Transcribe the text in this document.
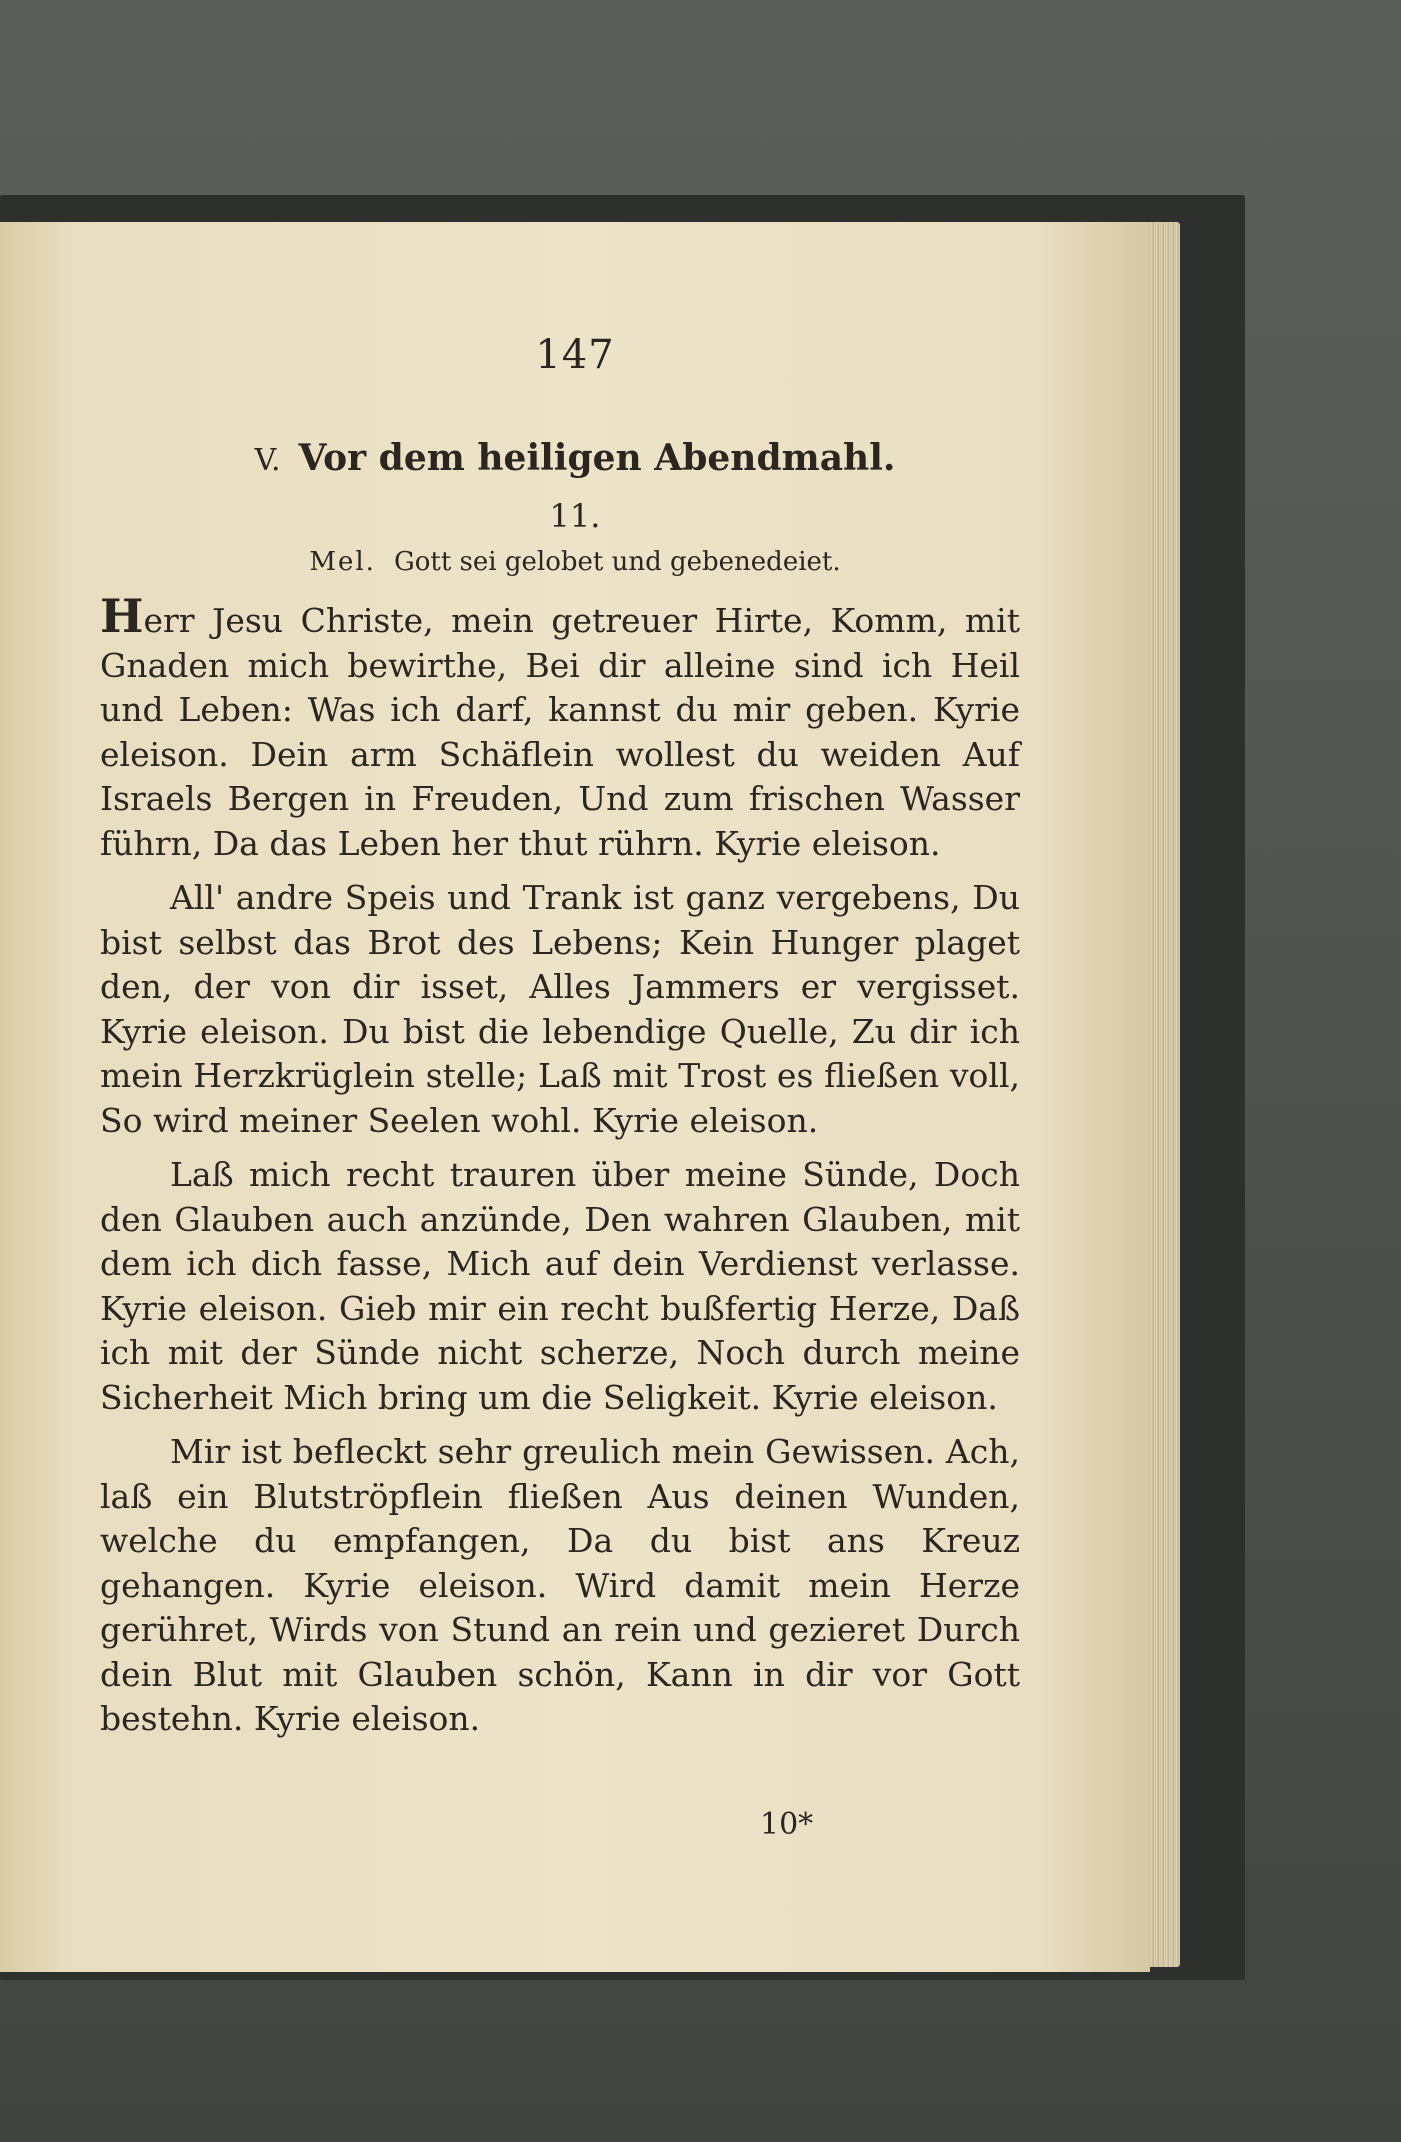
147
V. Vor dem heiligen Abendmahl.
11.
Mel. Gott sei gelobet und gebenedeiet.

Herr Jesu Christe, mein getreuer Hirte, Komm, mit Gnaden mich bewirthe, Bei dir alleine sind ich Heil und Leben: Was ich darf, kannst du mir geben. Kyrie eleison. Dein arm Schäflein wollest du weiden Auf Israels Bergen in Freuden, Und zum frischen Wasser führn, Da das Leben her thut rührn. Kyrie eleison.

All' andre Speis und Trank ist ganz vergebens, Du bist selbst das Brot des Lebens; Kein Hunger plaget den, der von dir isset, Alles Jammers er vergisset. Kyrie eleison. Du bist die lebendige Quelle, Zu dir ich mein Herzkrüglein stelle; Laß mit Trost es fließen voll, So wird meiner Seelen wohl. Kyrie eleison.

Laß mich recht trauren über meine Sünde, Doch den Glauben auch anzünde, Den wahren Glauben, mit dem ich dich fasse, Mich auf dein Verdienst verlasse. Kyrie eleison. Gieb mir ein recht bußfertig Herze, Daß ich mit der Sünde nicht scherze, Noch durch meine Sicherheit Mich bring um die Seligkeit. Kyrie eleison.

Mir ist befleckt sehr greulich mein Gewissen. Ach, laß ein Blutströpflein fließen Aus deinen Wunden, welche du empfangen, Da du bist ans Kreuz gehangen. Kyrie eleison. Wird damit mein Herze gerühret, Wirds von Stund an rein und gezieret Durch dein Blut mit Glauben schön, Kann in dir vor Gott bestehn. Kyrie eleison.

10*
